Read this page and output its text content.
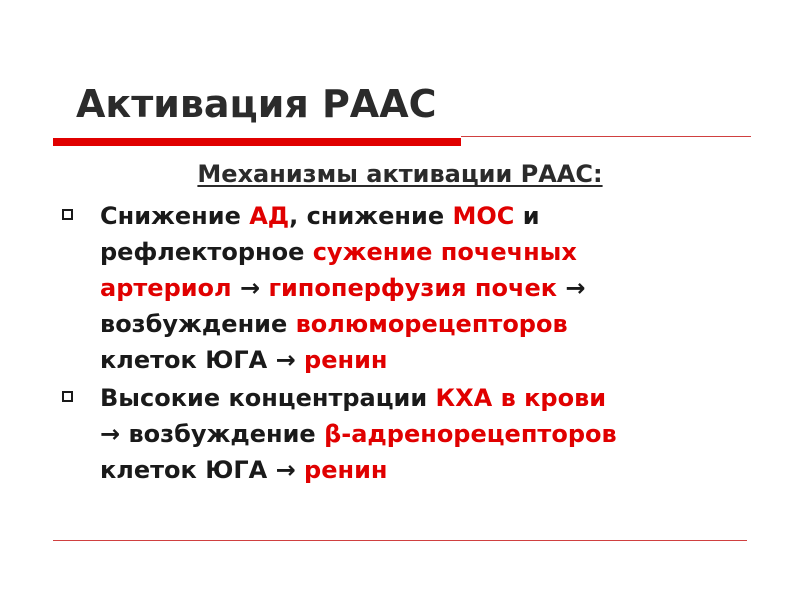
Активация РААС
Механизмы активации РААС:
Снижение АД, снижение МОС и
рефлекторное сужение почечных
артериол → гипоперфузия почек →
возбуждение волюморецепторов
клеток ЮГА → ренин
Высокие концентрации КХА в крови
→ возбуждение β-адренорецепторов
клеток ЮГА → ренин
